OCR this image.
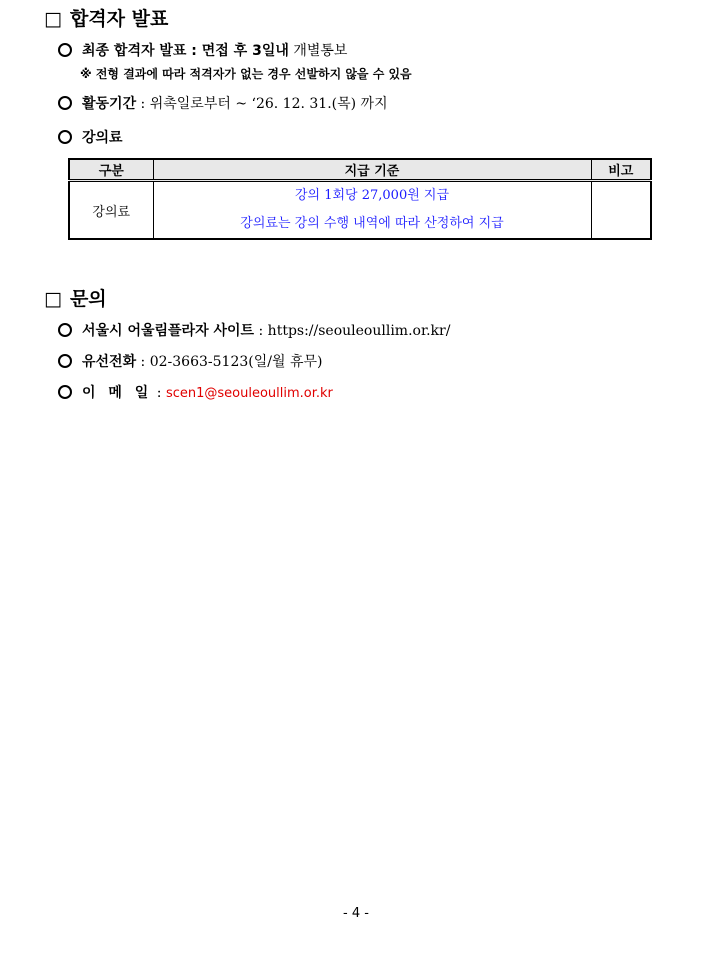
□ 합격자 발표
최종 합격자 발표 : 면접 후 3일내 개별통보
※ 전형 결과에 따라 적격자가 없는 경우 선발하지 않을 수 있음
활동기간 : 위촉일로부터 ~ ‘26. 12. 31.(목) 까지
강의료
구분	지급 기준	비고
강의료	강의 1회당 27,000원 지급
강의료는 강의 수행 내역에 따라 산정하여 지급	

□ 문의
서울시 어울림플라자 사이트 : https://seouleoullim.or.kr/
유선전화 : 02-3663-5123(일/월 휴무)
이 메 일 : scen1@seouleoullim.or.kr
- 4 -
